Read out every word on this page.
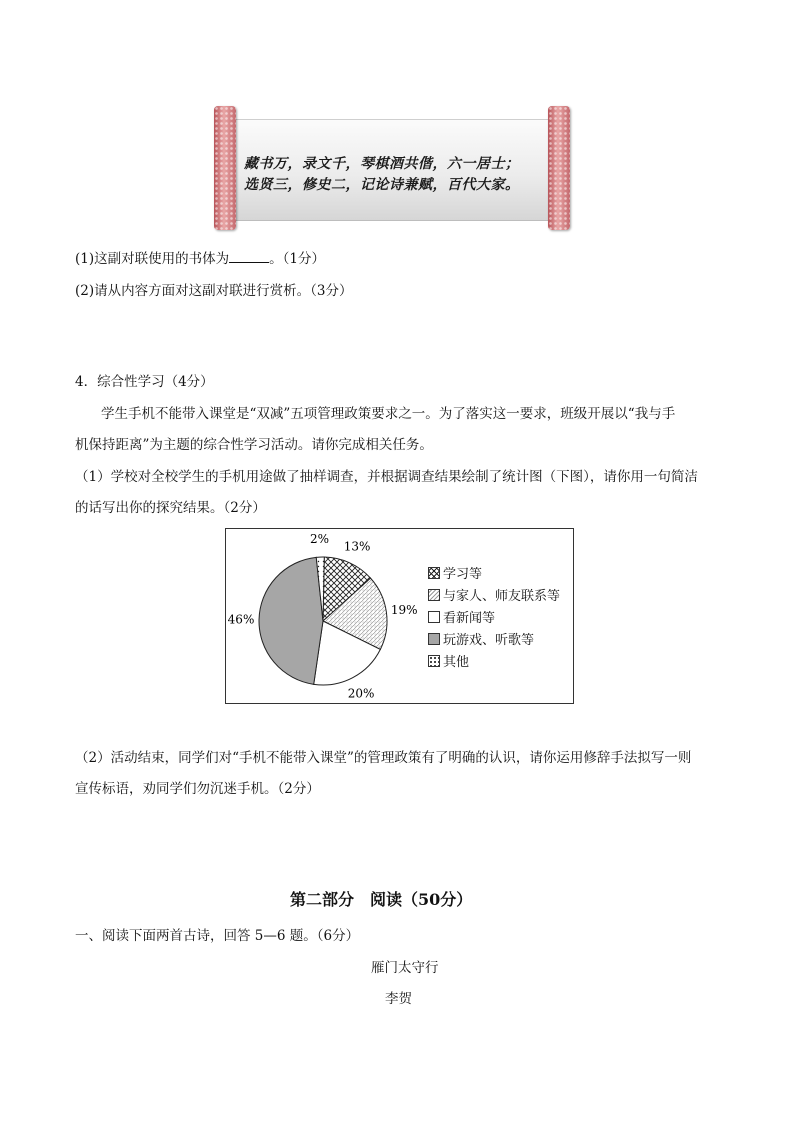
藏书万，录文千，琴棋酒共偕，六一居士；
选贤三，修史二，记论诗兼赋，百代大家。
(1)这副对联使用的书体为	。（1分）
(2)请从内容方面对这副对联进行赏析。（3分）
4．综合性学习（4分）
学生手机不能带入课堂是“双减”五项管理政策要求之一。为了落实这一要求，班级开展以“我与手
机保持距离”为主题的综合性学习活动。请你完成相关任务。
（1）学校对全校学生的手机用途做了抽样调查，并根据调查结果绘制了统计图（下图），请你用一句简洁
的话写出你的探究结果。（2分）
13%
19%
20%
46%
2%
学习等
与家人、师友联系等
看新闻等
玩游戏、听歌等
其他
（2）活动结束，同学们对“手机不能带入课堂”的管理政策有了明确的认识，请你运用修辞手法拟写一则
宣传标语，劝同学们勿沉迷手机。（2分）
第二部分　阅读（50分）
一、阅读下面两首古诗，回答 5—6 题。（6分）
雁门太守行
李贺
